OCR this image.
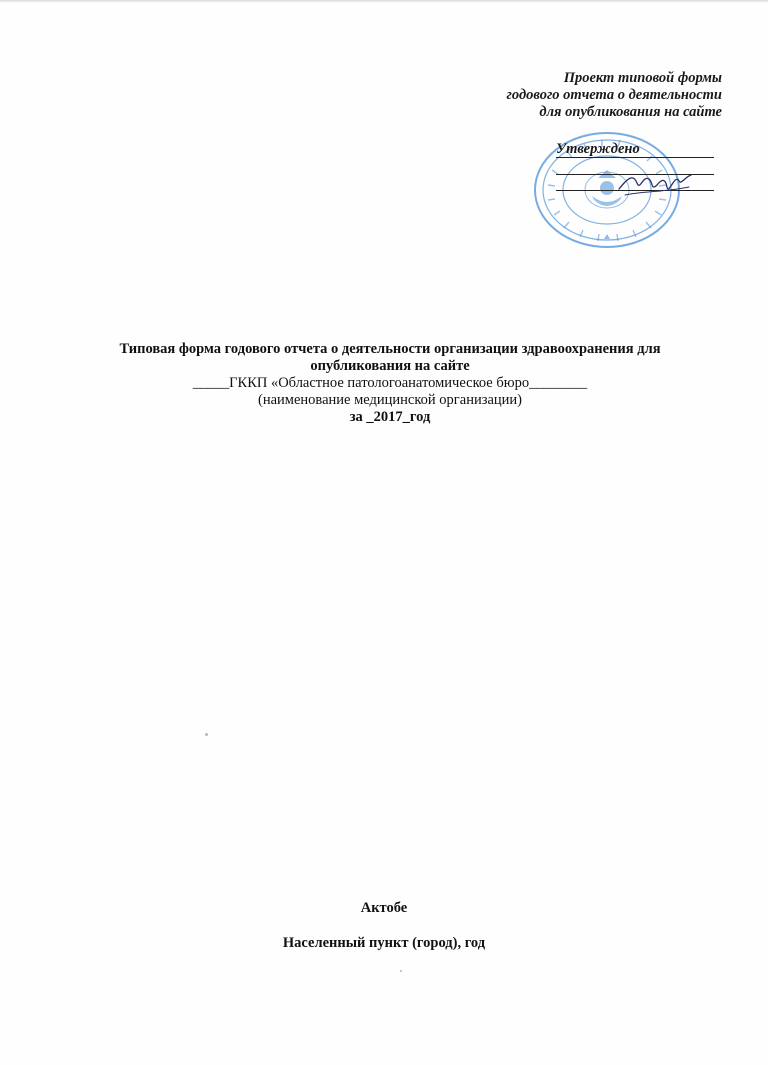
Проект типовой формы
годового отчета о деятельности
для опубликования на сайте
Утверждено
Типовая форма годового отчета о деятельности организации здравоохранения для
опубликования на сайте
_____ГККП «Областное патологоанатомическое бюро________
(наименование медицинской организации)
за _2017_год
Актобе
Населенный пункт (город), год
